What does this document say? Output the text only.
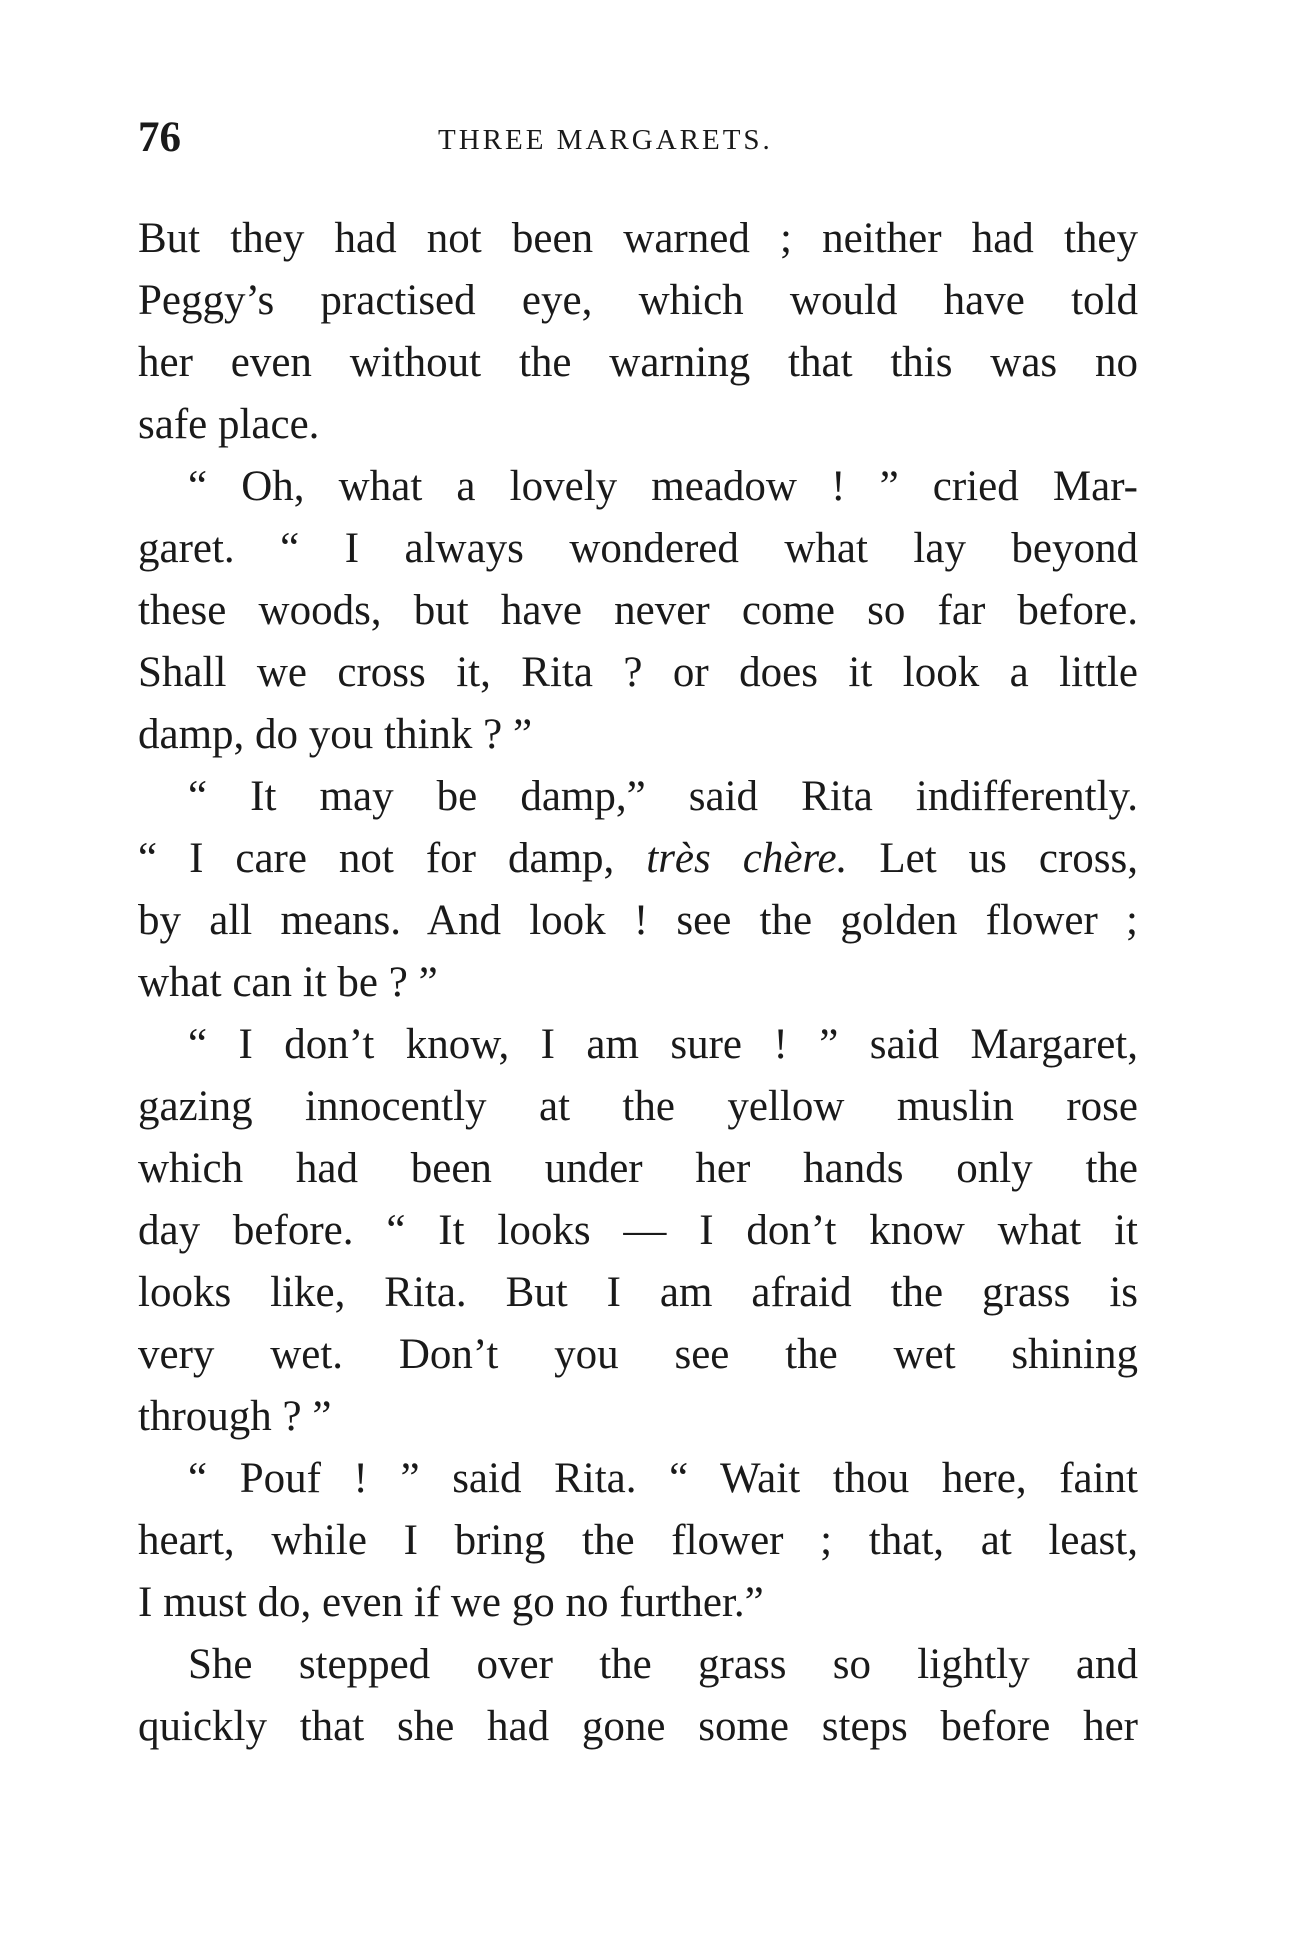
76	THREE MARGARETS.
But they had not been warned ; neither had they
Peggy’s practised eye, which would have told
her even without the warning that this was no
safe place.
“ Oh, what a lovely meadow ! ” cried Mar-
garet. “ I always wondered what lay beyond
these woods, but have never come so far before.
Shall we cross it, Rita ? or does it look a little
damp, do you think ? ”
“ It may be damp,” said Rita indifferently.
“ I care not for damp, très chère. Let us cross,
by all means. And look ! see the golden flower ;
what can it be ? ”
“ I don’t know, I am sure ! ” said Margaret,
gazing innocently at the yellow muslin rose
which had been under her hands only the
day before. “ It looks — I don’t know what it
looks like, Rita. But I am afraid the grass is
very wet. Don’t you see the wet shining
through ? ”
“ Pouf ! ” said Rita. “ Wait thou here, faint
heart, while I bring the flower ; that, at least,
I must do, even if we go no further.”
She stepped over the grass so lightly and
quickly that she had gone some steps before her
